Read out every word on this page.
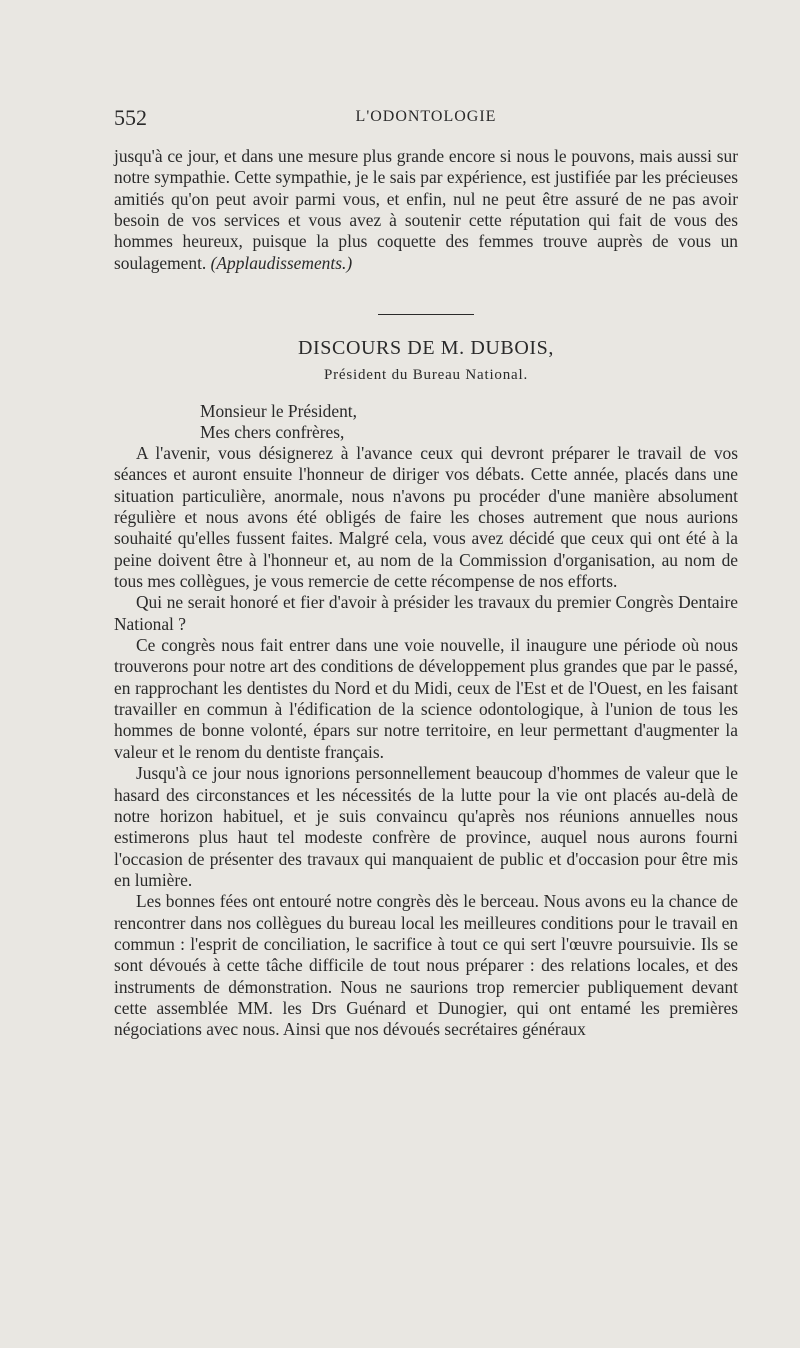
552	L'ODONTOLOGIE

jusqu'à ce jour, et dans une mesure plus grande encore si nous le pouvons, mais aussi sur notre sympathie. Cette sympathie, je le sais par expérience, est justifiée par les précieuses amitiés qu'on peut avoir parmi vous, et enfin, nul ne peut être assuré de ne pas avoir besoin de vos services et vous avez à soutenir cette réputation qui fait de vous des hommes heureux, puisque la plus coquette des femmes trouve auprès de vous un soulagement. (Applaudissements.)

DISCOURS DE M. DUBOIS,
Président du Bureau National.
Monsieur le Président,
Mes chers confrères,

A l'avenir, vous désignerez à l'avance ceux qui devront préparer le travail de vos séances et auront ensuite l'honneur de diriger vos débats. Cette année, placés dans une situation particulière, anormale, nous n'avons pu procéder d'une manière absolument régulière et nous avons été obligés de faire les choses autrement que nous aurions souhaité qu'elles fussent faites. Malgré cela, vous avez décidé que ceux qui ont été à la peine doivent être à l'honneur et, au nom de la Commission d'organisation, au nom de tous mes collègues, je vous remercie de cette récompense de nos efforts.

Qui ne serait honoré et fier d'avoir à présider les travaux du premier Congrès Dentaire National ?

Ce congrès nous fait entrer dans une voie nouvelle, il inaugure une période où nous trouverons pour notre art des conditions de développement plus grandes que par le passé, en rapprochant les dentistes du Nord et du Midi, ceux de l'Est et de l'Ouest, en les faisant travailler en commun à l'édification de la science odontologique, à l'union de tous les hommes de bonne volonté, épars sur notre territoire, en leur permettant d'augmenter la valeur et le renom du dentiste français.

Jusqu'à ce jour nous ignorions personnellement beaucoup d'hommes de valeur que le hasard des circonstances et les nécessités de la lutte pour la vie ont placés au-delà de notre horizon habituel, et je suis convaincu qu'après nos réunions annuelles nous estimerons plus haut tel modeste confrère de province, auquel nous aurons fourni l'occasion de présenter des travaux qui manquaient de public et d'occasion pour être mis en lumière.

Les bonnes fées ont entouré notre congrès dès le berceau. Nous avons eu la chance de rencontrer dans nos collègues du bureau local les meilleures conditions pour le travail en commun : l'esprit de conciliation, le sacrifice à tout ce qui sert l'œuvre poursuivie. Ils se sont dévoués à cette tâche difficile de tout nous préparer : des relations locales, et des instruments de démonstration. Nous ne saurions trop remercier publiquement devant cette assemblée MM. les Drs Guénard et Dunogier, qui ont entamé les premières négociations avec nous. Ainsi que nos dévoués secrétaires généraux
